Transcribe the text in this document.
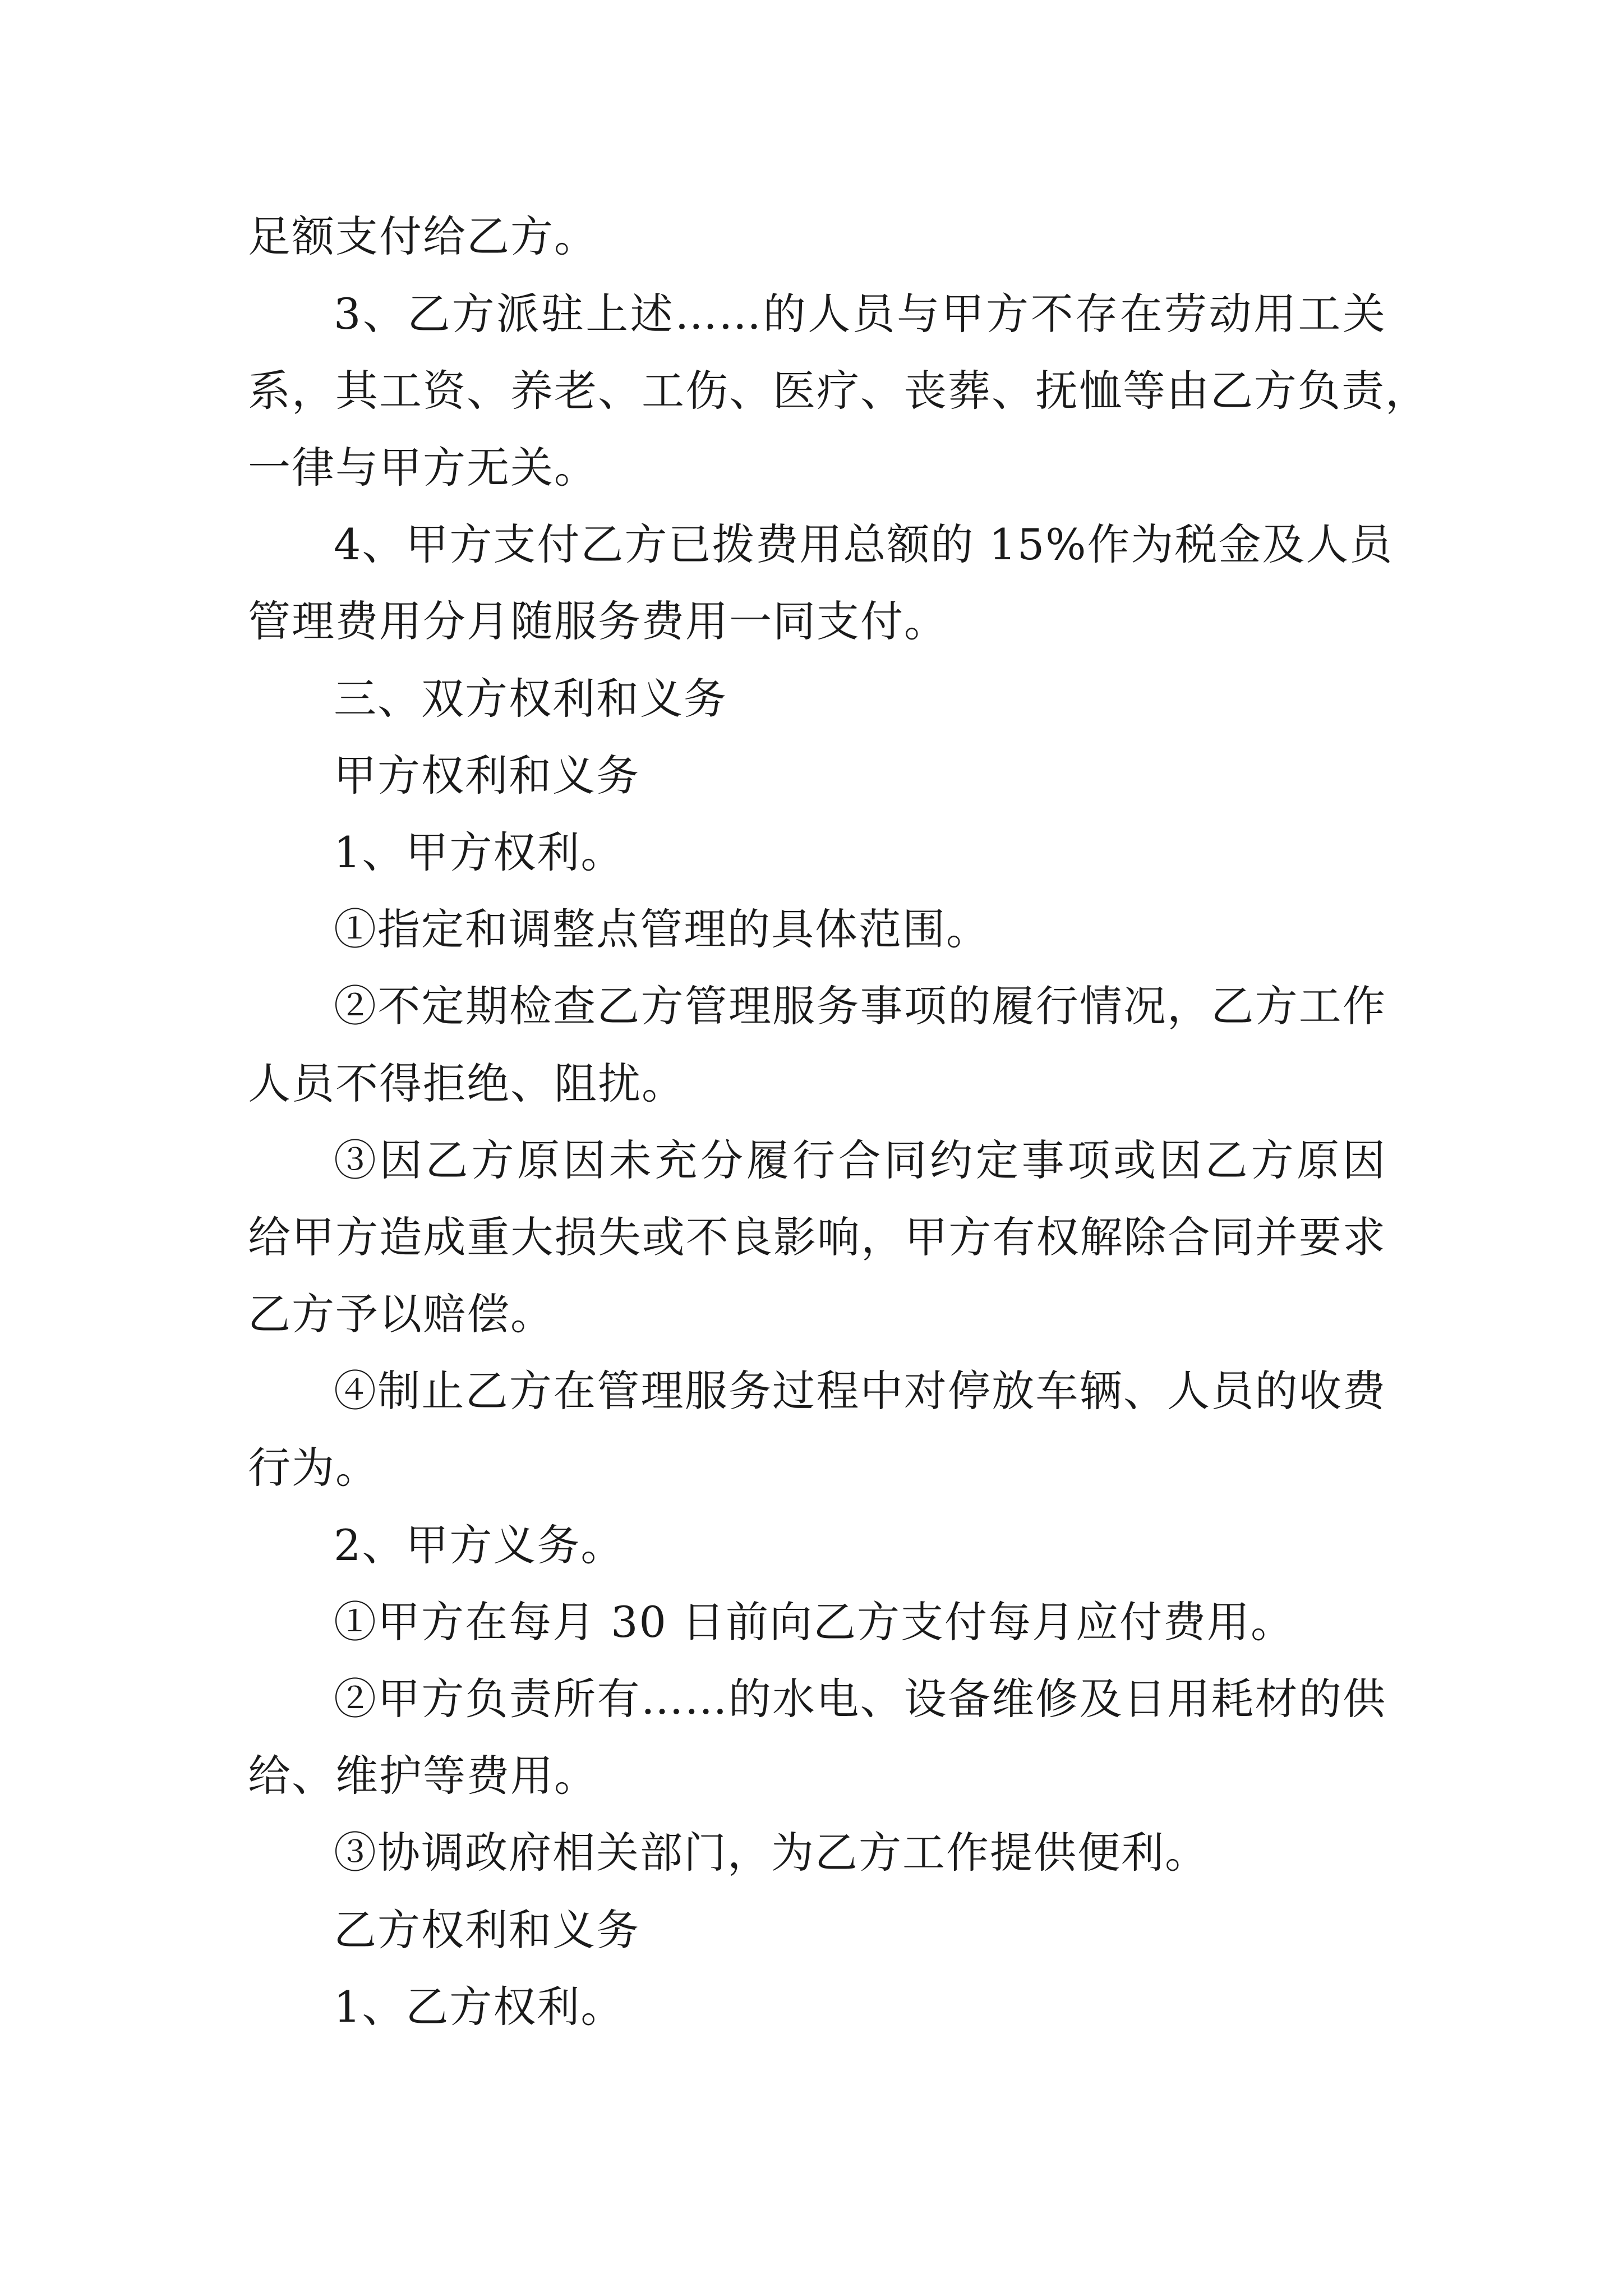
足额支付给乙方。
3、乙方派驻上述……的人员与甲方不存在劳动用工关
系，其工资、养老、工伤、医疗、丧葬、抚恤等由乙方负责，
一律与甲方无关。
4、甲方支付乙方已拨费用总额的 15%作为税金及人员
管理费用分月随服务费用一同支付。
三、双方权利和义务
甲方权利和义务
1、甲方权利。
①指定和调整点管理的具体范围。
②不定期检查乙方管理服务事项的履行情况，乙方工作
人员不得拒绝、阻扰。
③因乙方原因未充分履行合同约定事项或因乙方原因
给甲方造成重大损失或不良影响，甲方有权解除合同并要求
乙方予以赔偿。
④制止乙方在管理服务过程中对停放车辆、人员的收费
行为。
2、甲方义务。
①甲方在每月 30 日前向乙方支付每月应付费用。
②甲方负责所有……的水电、设备维修及日用耗材的供
给、维护等费用。
③协调政府相关部门，为乙方工作提供便利。
乙方权利和义务
1、乙方权利。
